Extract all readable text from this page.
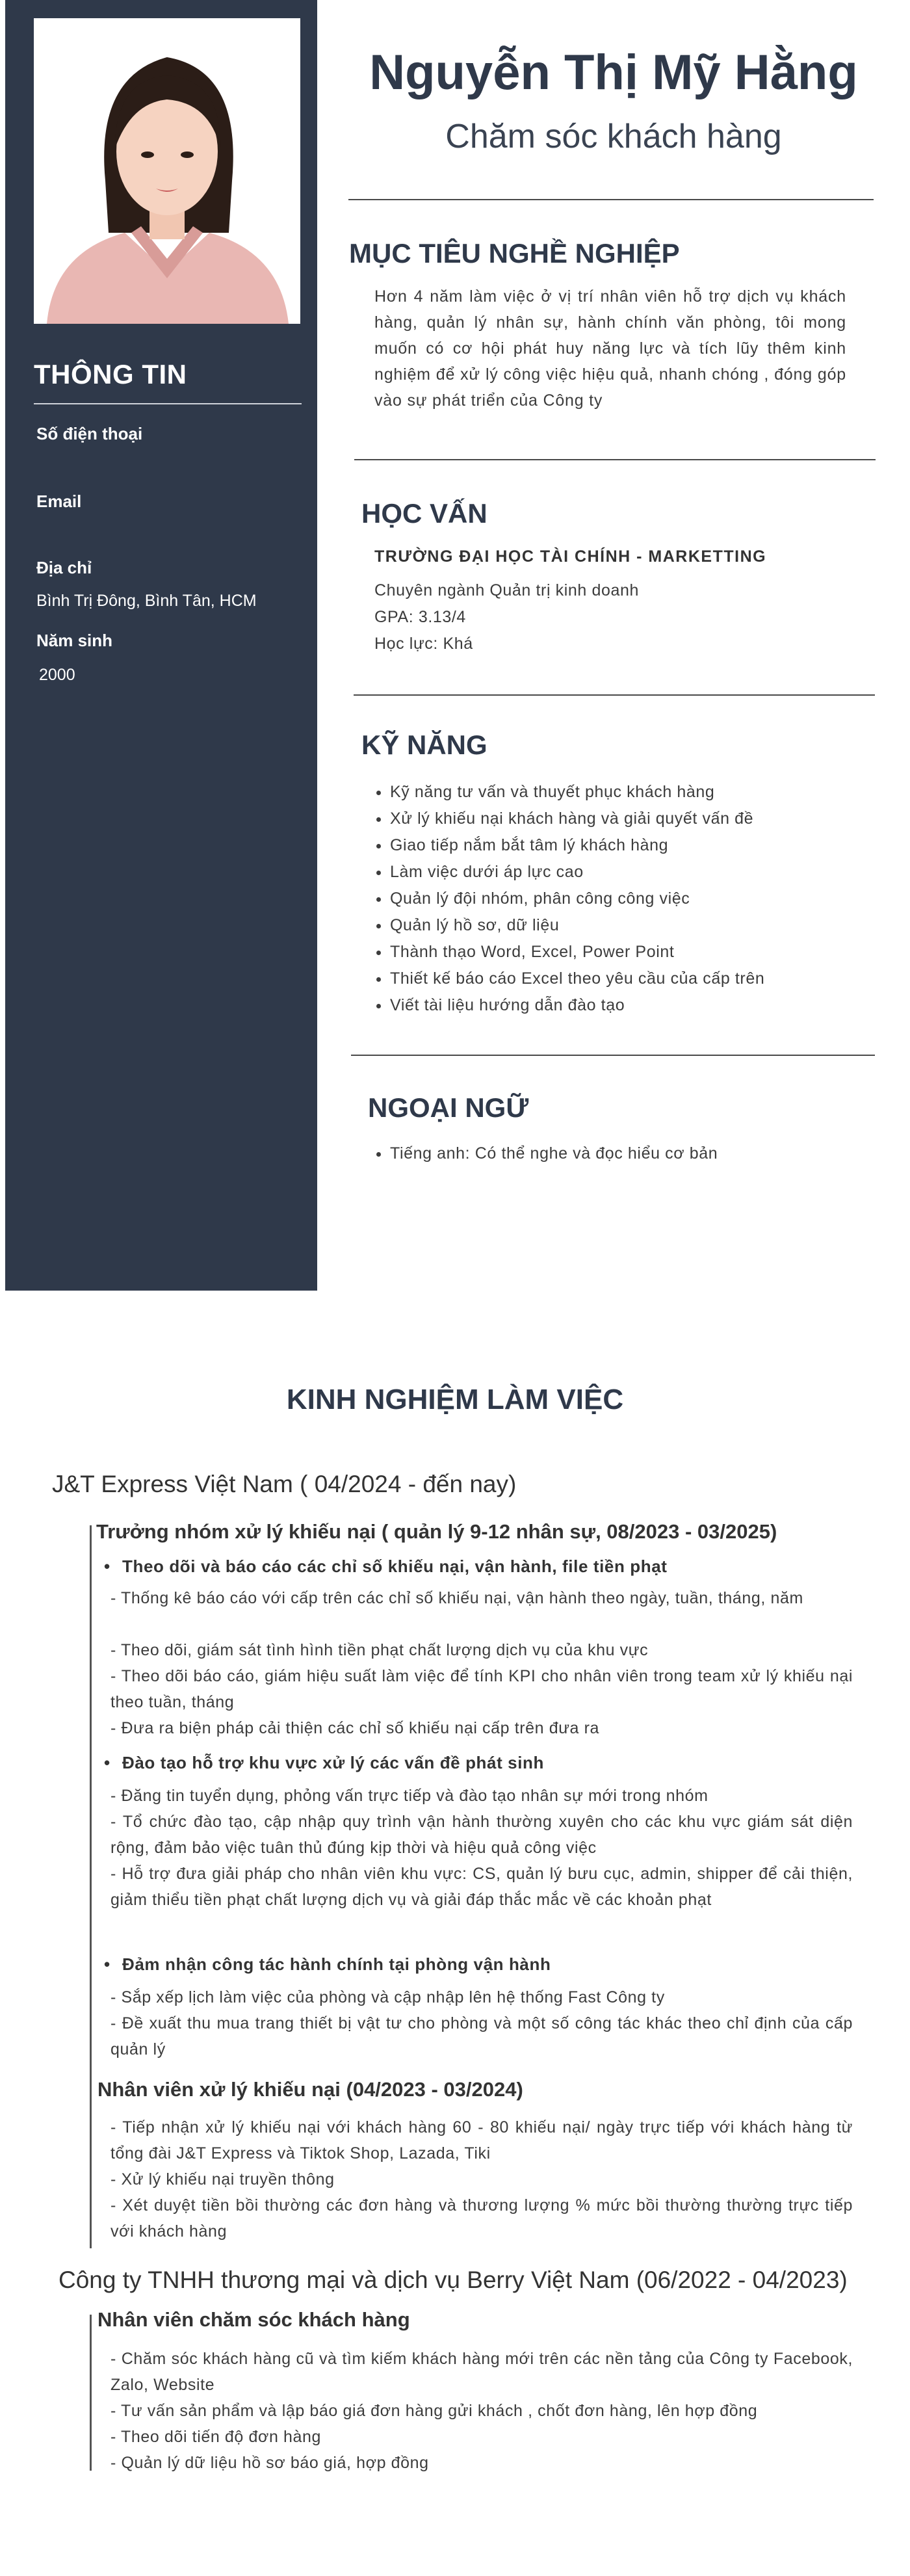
THÔNG TIN
Số điện thoại
Email
Địa chỉ
Bình Trị Đông, Bình Tân, HCM
Năm sinh
2000
Nguyễn Thị Mỹ Hằng
Chăm sóc khách hàng
MỤC TIÊU NGHỀ NGHIỆP
Hơn 4 năm làm việc ở vị trí nhân viên hỗ trợ dịch vụ khách hàng, quản lý nhân sự, hành chính văn phòng, tôi mong muốn có cơ hội phát huy năng lực và tích lũy thêm kinh nghiệm để xử lý công việc hiệu quả, nhanh chóng , đóng góp vào sự phát triển của Công ty
HỌC VẤN
TRƯỜNG ĐẠI HỌC TÀI CHÍNH - MARKETTING
Chuyên ngành Quản trị kinh doanh
GPA: 3.13/4
Học lực: Khá
KỸ NĂNG
• Kỹ năng tư vấn và thuyết phục khách hàng
• Xử lý khiếu nại khách hàng và giải quyết vấn đề
• Giao tiếp nắm bắt tâm lý khách hàng
• Làm việc dưới áp lực cao
• Quản lý đội nhóm, phân công công việc
• Quản lý hồ sơ, dữ liệu
• Thành thạo Word, Excel, Power Point
• Thiết kế báo cáo Excel theo yêu cầu của cấp trên
• Viết tài liệu hướng dẫn đào tạo
NGOẠI NGỮ
• Tiếng anh: Có thể nghe và đọc hiểu cơ bản
KINH NGHIỆM LÀM VIỆC
J&T Express Việt Nam ( 04/2024 - đến nay)
Trưởng nhóm xử lý khiếu nại ( quản lý 9-12 nhân sự, 08/2023 - 03/2025)
• Theo dõi và báo cáo các chỉ số khiếu nại, vận hành, file tiền phạt
- Thống kê báo cáo với cấp trên các chỉ số khiếu nại, vận hành theo ngày, tuần, tháng, năm
- Theo dõi, giám sát tình hình tiền phạt chất lượng dịch vụ của khu vực
- Theo dõi báo cáo, giám hiệu suất làm việc để tính KPI cho nhân viên trong team xử lý khiếu nại theo tuần, tháng
- Đưa ra biện pháp cải thiện các chỉ số khiếu nại cấp trên đưa ra
• Đào tạo hỗ trợ khu vực xử lý các vấn đề phát sinh
- Đăng tin tuyển dụng, phỏng vấn trực tiếp và đào tạo nhân sự mới trong nhóm
- Tổ chức đào tạo, cập nhập quy trình vận hành thường xuyên cho các khu vực giám sát diện rộng, đảm bảo việc tuân thủ đúng kịp thời và hiệu quả công việc
- Hỗ trợ đưa giải pháp cho nhân viên khu vực: CS, quản lý bưu cục, admin, shipper để cải thiện, giảm thiểu tiền phạt chất lượng dịch vụ và giải đáp thắc mắc về các khoản phạt
• Đảm nhận công tác hành chính tại phòng vận hành
- Sắp xếp lịch làm việc của phòng và cập nhập lên hệ thống Fast Công ty
- Đề xuất thu mua trang thiết bị vật tư cho phòng và một số công tác khác theo chỉ định của cấp quản lý
Nhân viên xử lý khiếu nại (04/2023 - 03/2024)
- Tiếp nhận xử lý khiếu nại với khách hàng 60 - 80 khiếu nại/ ngày trực tiếp với khách hàng từ tổng đài J&T Express và Tiktok Shop, Lazada, Tiki
- Xử lý khiếu nại truyền thông
- Xét duyệt tiền bồi thường các đơn hàng và thương lượng % mức bồi thường thường trực tiếp với khách hàng
Công ty TNHH thương mại và dịch vụ Berry Việt Nam (06/2022 - 04/2023)
Nhân viên chăm sóc khách hàng
- Chăm sóc khách hàng cũ và tìm kiếm khách hàng mới trên các nền tảng của Công ty Facebook, Zalo, Website
- Tư vấn sản phẩm và lập báo giá đơn hàng gửi khách , chốt đơn hàng, lên hợp đồng
- Theo dõi tiến độ đơn hàng
- Quản lý dữ liệu hồ sơ báo giá, hợp đồng
